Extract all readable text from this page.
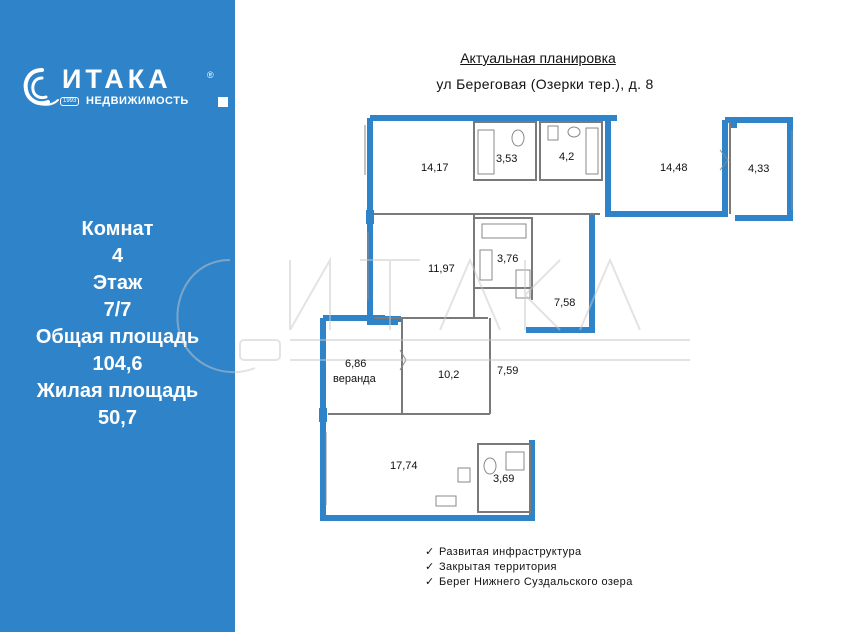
ИТАКА	®
1993 НЕДВИЖИМОСТЬ
Комнат
4
Этаж
7/7
Общая площадь
104,6
Жилая площадь
50,7
Актуальная планировка
ул Береговая (Озерки тер.), д. 8
14,17
3,53	4,2
14,48	4,33
11,97
3,76
7,58
6,86
веранда	10,2	7,59
17,74
3,69
✓ Развитая инфраструктура
✓ Закрытая территория
✓ Берег Нижнего Суздальского озера
